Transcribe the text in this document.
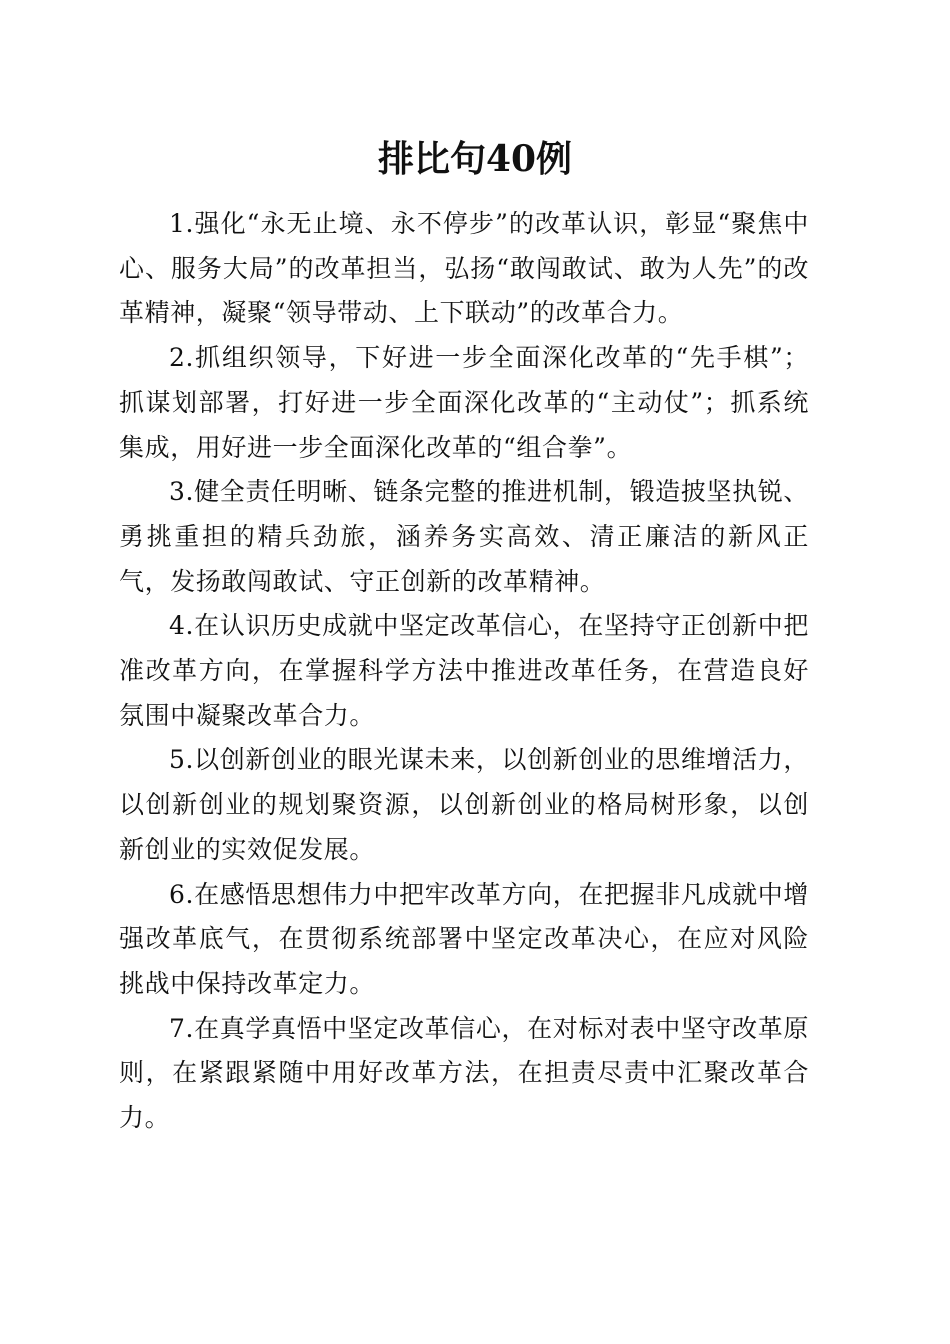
排比句40例

1.强化“永无止境、永不停步”的改革认识，彰显“聚焦中心、服务大局”的改革担当，弘扬“敢闯敢试、敢为人先”的改革精神，凝聚“领导带动、上下联动”的改革合力。

2.抓组织领导，下好进一步全面深化改革的“先手棋”；抓谋划部署，打好进一步全面深化改革的“主动仗”；抓系统集成，用好进一步全面深化改革的“组合拳”。

3.健全责任明晰、链条完整的推进机制，锻造披坚执锐、勇挑重担的精兵劲旅，涵养务实高效、清正廉洁的新风正气，发扬敢闯敢试、守正创新的改革精神。

4.在认识历史成就中坚定改革信心，在坚持守正创新中把准改革方向，在掌握科学方法中推进改革任务，在营造良好氛围中凝聚改革合力。

5.以创新创业的眼光谋未来，以创新创业的思维增活力，以创新创业的规划聚资源，以创新创业的格局树形象，以创新创业的实效促发展。

6.在感悟思想伟力中把牢改革方向，在把握非凡成就中增强改革底气，在贯彻系统部署中坚定改革决心，在应对风险挑战中保持改革定力。

7.在真学真悟中坚定改革信心，在对标对表中坚守改革原则，在紧跟紧随中用好改革方法，在担责尽责中汇聚改革合力。
